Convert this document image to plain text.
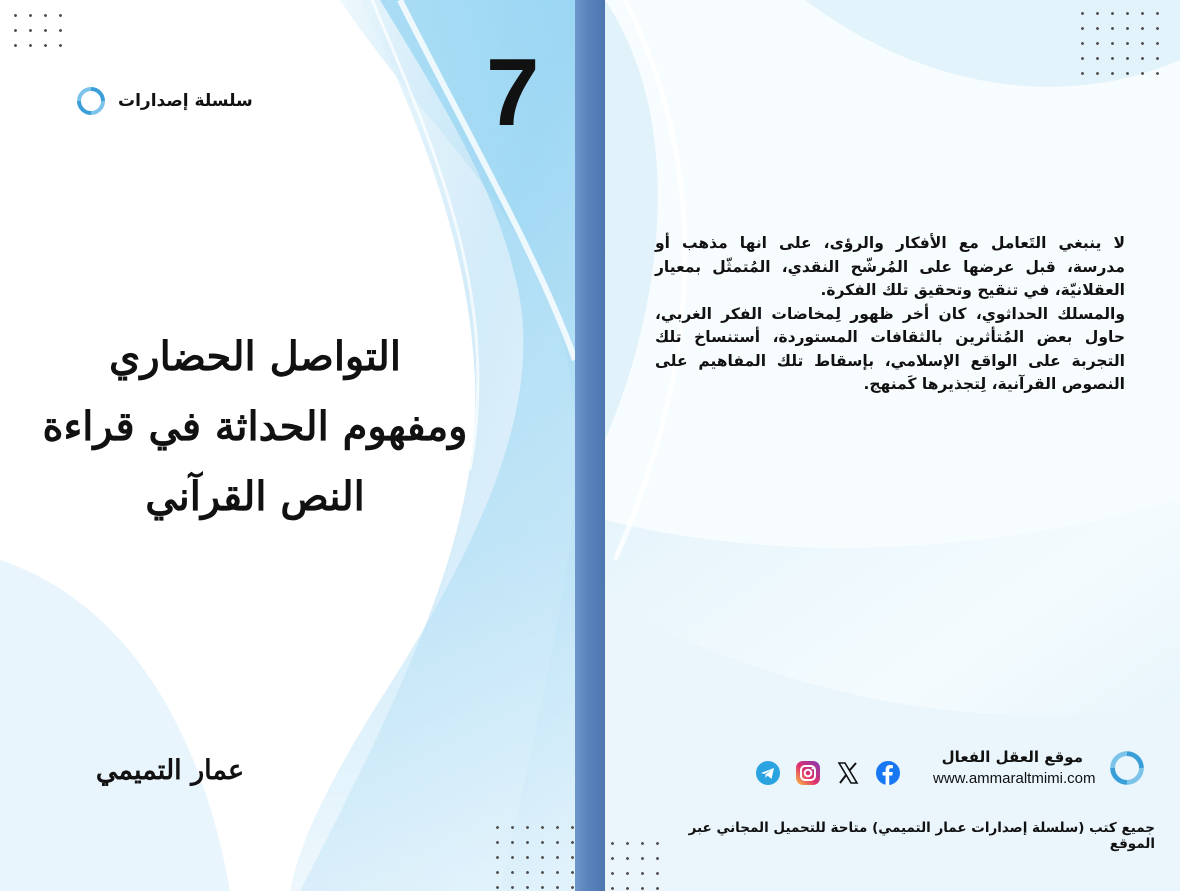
سلسلة إصدارات 7
التواصل الحضاري
ومفهوم الحداثة في قراءة
النص القرآني
عمار التميمي

لا ينبغي التَعامل مع الأفكار والرؤى، على انها مذهب أو مدرسة، قبل عرضها على المُرشّح النقدي، المُتمثّل بمعيار العقلانيّة، في تنقيح وتحقيق تلك الفكرة.

والمسلك الحداثوي، كان أخر ظهور لِمخاضات الفكر الغربي، حاول بعض المُتأثرين بالثقافات المستوردة، أستنساخ تلك التجربة على الواقع الإسلامي، بإسقاط تلك المفاهيم على النصوص القرآنية، لِتجذيرها كَمنهج.

موقع العقل الفعال
www.ammaraltmimi.com
جميع كتب (سلسلة إصدارات عمار التميمي) متاحة للتحميل المجاني عبر الموقع
